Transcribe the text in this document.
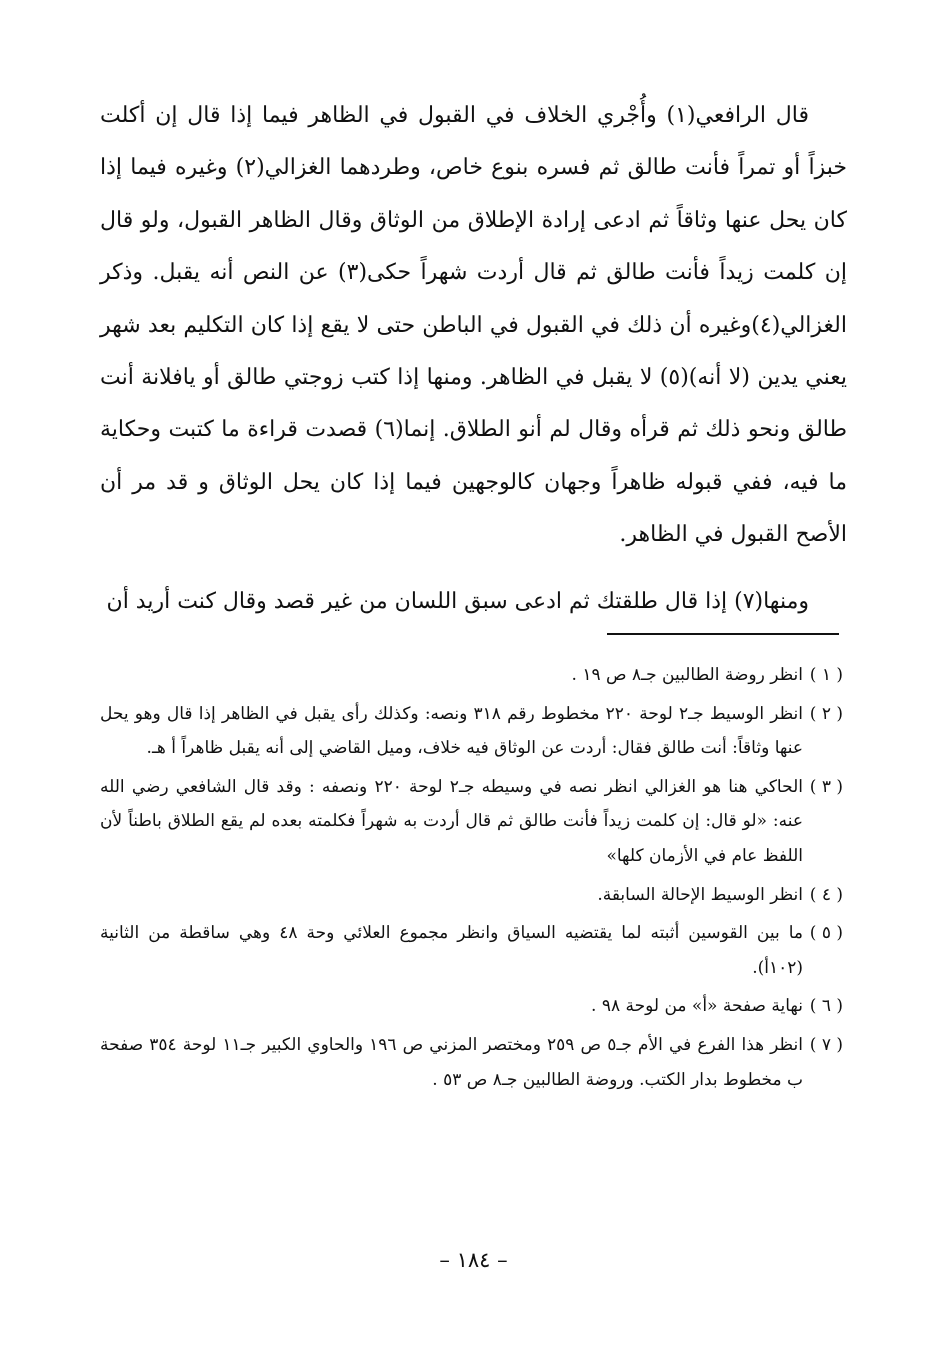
قال الرافعي(١) وأُجْري الخلاف في القبول في الظاهر فيما إذا قال إن أكلت خبزاً أو تمراً فأنت طالق ثم فسره بنوع خاص، وطردهما الغزالي(٢) وغيره فيما إذا كان يحل عنها وثاقاً ثم ادعى إرادة الإطلاق من الوثاق وقال الظاهر القبول، ولو قال إن كلمت زيداً فأنت طالق ثم قال أردت شهراً حكى(٣) عن النص أنه يقبل. وذكر الغزالي(٤)وغيره أن ذلك في القبول في الباطن حتى لا يقع إذا كان التكليم بعد شهر يعني يدين (لا أنه)(٥) لا يقبل في الظاهر. ومنها إذا كتب زوجتي طالق أو يافلانة أنت طالق ونحو ذلك ثم قرأه وقال لم أنو الطلاق. إنما(٦) قصدت قراءة ما كتبت وحكاية ما فيه، ففي قبوله ظاهراً وجهان كالوجهين فيما إذا كان يحل الوثاق و قد مر أن الأصح القبول في الظاهر.

ومنها(٧) إذا قال طلقتك ثم ادعى سبق اللسان من غير قصد وقال كنت أريد أن

( ١ )
انظر روضة الطالبين جـ٨ ص ١٩ .
( ٢ )
انظر الوسيط جـ٢ لوحة ٢٢٠ مخطوط رقم ٣١٨ ونصه: وكذلك رأى يقبل في الظاهر إذا قال وهو يحل عنها وثاقاً: أنت طالق فقال: أردت عن الوثاق فيه خلاف، وميل القاضي إلى أنه يقبل ظاهراً أ هـ.
( ٣ )
الحاكي هنا هو الغزالي انظر نصه في وسيطه جـ٢ لوحة ٢٢٠ ونصفه : وقد قال الشافعي رضي الله عنه: «لو قال: إن كلمت زيداً فأنت طالق ثم قال أردت به شهراً فكلمته بعده لم يقع الطلاق باطناً لأن اللفظ عام في الأزمان كلها»
( ٤ )
انظر الوسيط الإحالة السابقة.
( ٥ )
ما بين القوسين أثبته لما يقتضيه السياق وانظر مجموع العلائي وحة ٤٨ وهي ساقطة من الثانية (١٠٢أ).
( ٦ )
نهاية صفحة «أ» من لوحة ٩٨ .
( ٧ )
انظر هذا الفرع في الأم جـ٥ ص ٢٥٩ ومختصر المزني ص ١٩٦ والحاوي الكبير جـ١١ لوحة ٣٥٤ صفحة ب مخطوط بدار الكتب. وروضة الطالبين جـ٨ ص ٥٣ .
– ١٨٤ –
